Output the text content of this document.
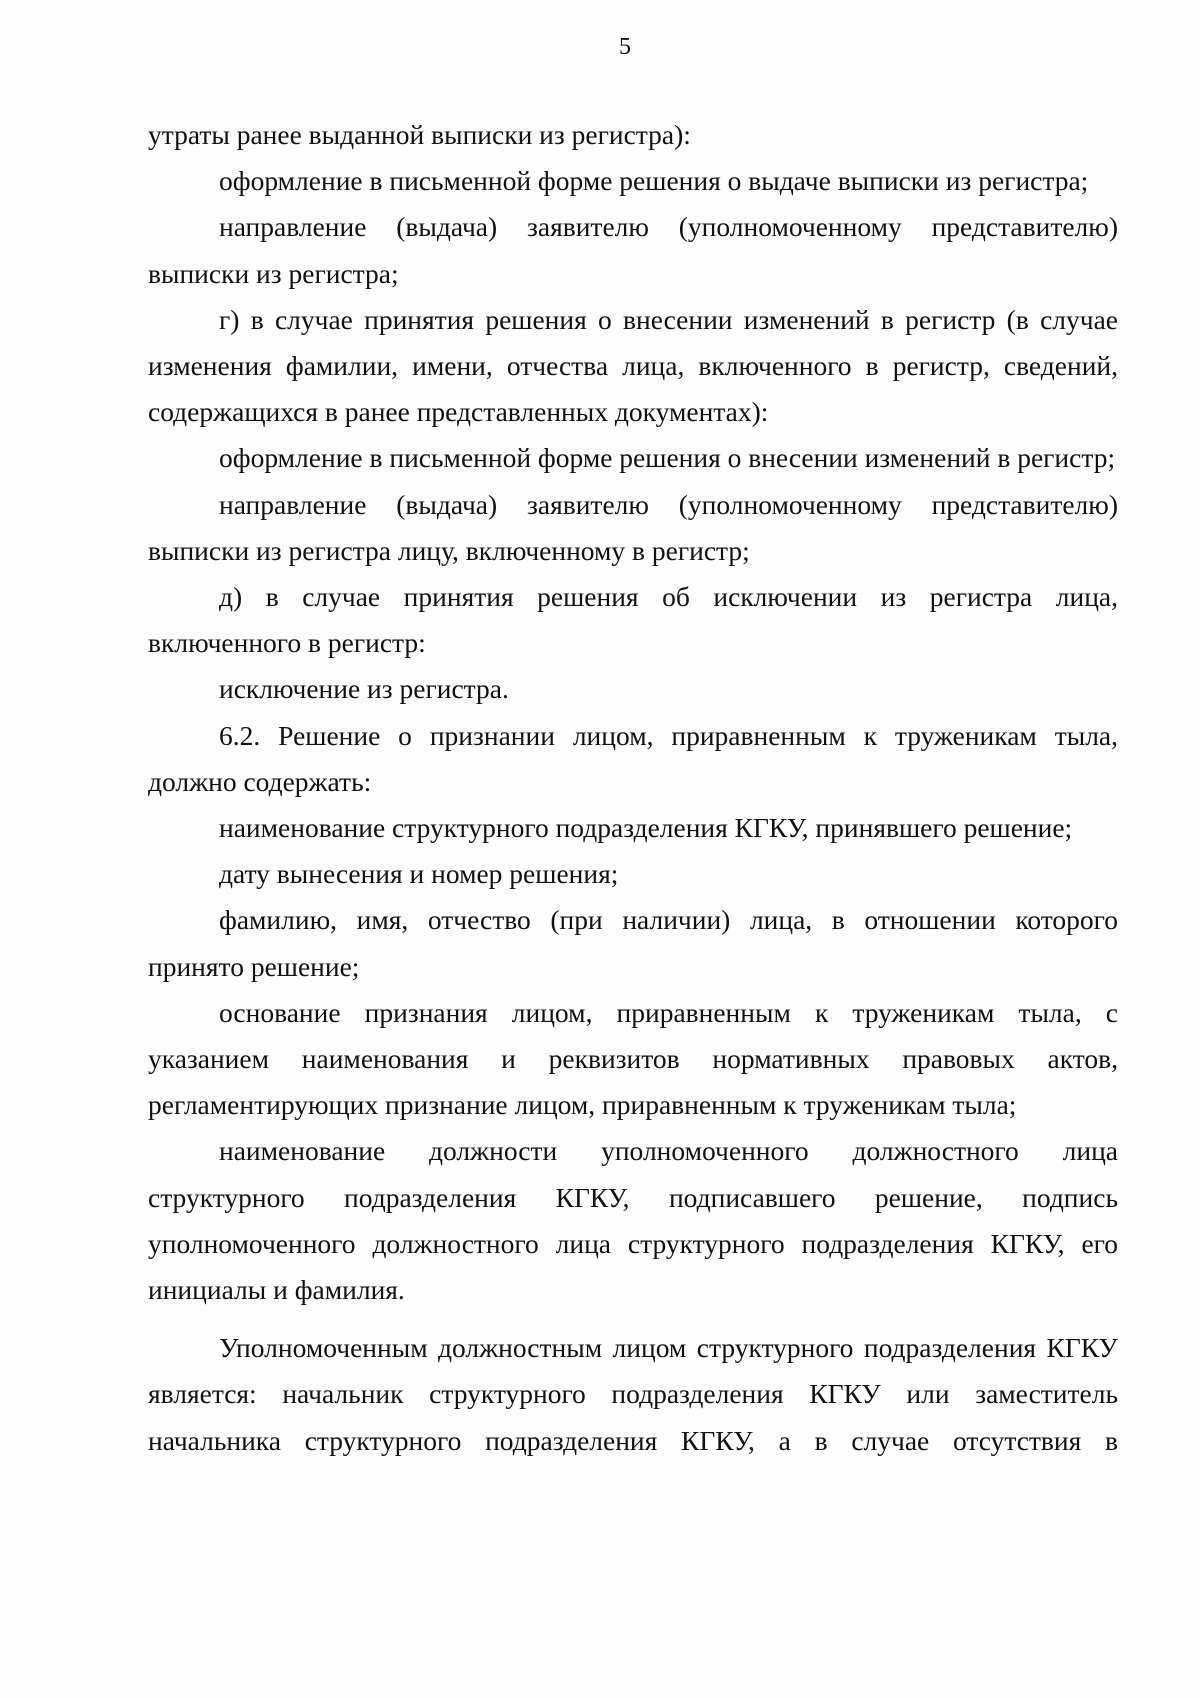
5

утраты ранее выданной выписки из регистра):

оформление в письменной форме решения о выдаче выписки из регистра;

направление (выдача) заявителю (уполномоченному представителю) выписки из регистра;

г) в случае принятия решения о внесении изменений в регистр (в случае изменения фамилии, имени, отчества лица, включенного в регистр, сведений, содержащихся в ранее представленных документах):

оформление в письменной форме решения о внесении изменений в регистр;

направление (выдача) заявителю (уполномоченному представителю) выписки из регистра лицу, включенному в регистр;

д) в случае принятия решения об исключении из регистра лица, включенного в регистр:

исключение из регистра.

6.2. Решение о признании лицом, приравненным к труженикам тыла, должно содержать:

наименование структурного подразделения КГКУ, принявшего решение;

дату вынесения и номер решения;

фамилию, имя, отчество (при наличии) лица, в отношении которого принято решение;

основание признания лицом, приравненным к труженикам тыла, с указанием наименования и реквизитов нормативных правовых актов, регламентирующих признание лицом, приравненным к труженикам тыла;

наименование должности уполномоченного должностного лица структурного подразделения КГКУ, подписавшего решение, подпись уполномоченного должностного лица структурного подразделения КГКУ, его инициалы и фамилия.

Уполномоченным должностным лицом структурного подразделения КГКУ является: начальник структурного подразделения КГКУ или заместитель начальника структурного подразделения КГКУ, а в случае отсутствия в
